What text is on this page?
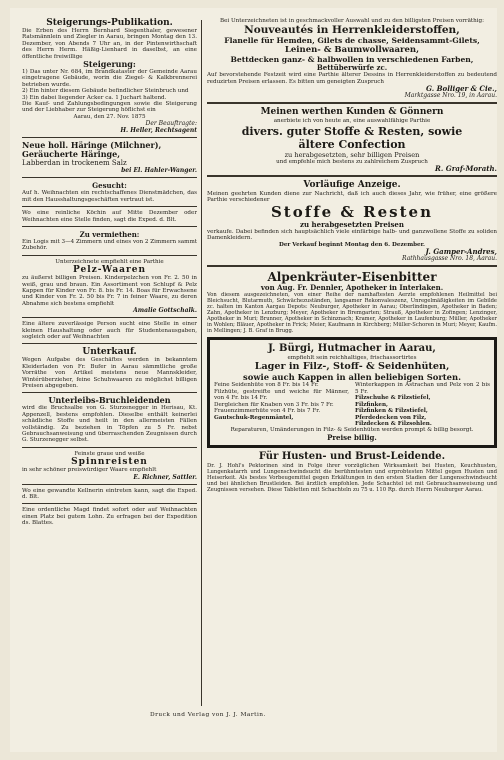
Steigerungs-Publikation.

Die Erben des Herrn Bernhard Siegenthaler, gewesener Ratsmännlein und Ziegler in Aarau, bringen Montag den 13. Dezember, von Abends 7 Uhr an, in der Pintenwirthschaft des Herrn Herm. Häßig-Lienhard in daselbst, an eine öffentliche freiwillige

Steigerung:

1) Das unter Nr. 684, im Brandkataster der Gemeinde Aarau eingetragene Gebäude, worin die Ziegel- & Kalkbrennerei betrieben wurde.

2) Ein hinter diesem Gebäude befindlicher Steinbruch und

3) Ein dabei liegender Acker ca. 1 Juchart haltend.

Die Kauf- und Zahlungsbedingungen sowie die Steigerung und der Liebhaber zur Steigerung höflichst ein

Aarau, den 27. Nov. 1875

Der Beauftragte:

H. Heller, Rechtsagent

Neue holl. Häringe (Milchner),

Geräucherte Häringe,

Labberdan in trockenem Salz

bei El. Hahler-Wanger.

Gesucht:

Auf h. Weihnachten ein rechtschaffenes Dienstmädchen, das mit den Hausshaltungsgeschäften vertraut ist.

Wo eine reinliche Köchin auf Mitte Dezember oder Weihnachten eine Stelle finden, sagt die Exped. d. Blt.

Zu vermiethen:

Ein Logis mit 3—4 Zimmern und eines von 2 Zimmern sammt Zubehör.

Unterzeichnete empfiehlt eine Parthie

Pelz-Waaren

zu äußerst billigen Preisen. Kinderpelzchen von Fr. 2. 50 in weiß, grau und braun. Ein Assortiment von Schlupf & Pelz Kappen für Kinder von Fr. 8. bis Fr. 14. Boas für Erwachsene und Kinder von Fr. 2. 50 bis Fr. 7 in feiner Waare, zu deren Abnahme sich bestens empfiehlt

Amalie Gottschalk.

Eine ältere zuverlässige Person sucht eine Stelle in einer kleinen Haushaltung oder auch für Studentenausgaben, sogleich oder auf Weihnachten

Unterkauf.

Wegen Aufgabe des Geschäftes werden in bekanntem Kleiderladen von Fr. Bufer in Aarau sämmtliche große Vorräthe von Artikel meistens neue Mannskleider, Wintérüberzieher, feine Schuhwaaren zu möglichst billigen Preisen abgegeben.

Unterleibs-Bruchleidenden

wird die Bruchsalbe von G. Sturzenegger in Herisau, Kt. Appenzell, bestens empfohlen. Dieselbe enthält keinerlei schädliche Stoffe und heilt in den allermeisten Fällen vollständig. Zu beziehen in Töpfen zu 5 Fr. nebst Gebrauchsanweisung und überraschenden Zeugnissen durch G. Sturzenegger selbst.

Feinste graue und weiße

Spinnreisten

in sehr schöner preiswürdiger Waare empfiehlt

E. Richner, Sattler.

Wo eine gewandte Kellnerin eintreten kann, sagt die Exped. d. Blt.

Eine ordentliche Magd findet sofort oder auf Weihnachten einen Platz bei gutem Lohn. Zu erfragen bei der Expedition ds. Blattes.

Bei Unterzeichneten ist in geschmackvoller Auswahl und zu den billigsten Preisen vorräthig:

Nouveautés in Herrenkleiderstoffen,

Flanelle für Hemden, Gilets de chasse, Seidensammt-Gilets,

Leinen- & Baumwollwaaren,

Bettdecken ganz- & halbwollen in verschiedenen Farben,

Bettüberwürfe zc.

Auf bevorstehende Festzeit wird eine Parthie älterer Dessins in Herrenkleiderstoffen zu bedeutend reduzirten Preisen erlassen. Es bitten um geneigten Zuspruch

G. Bolliger & Cie.,

Marktgasse Nro. 19, in Aarau.

Meinen werthen Kunden & Gönnern

anerbiete ich von heute an, eine auswahlfähige Parthie

divers. guter Stoffe & Resten, sowie

ältere Confection

zu herabgesetzten, sehr billigen Preisen

und empfehle mich bestens zu zahlreichem Zuspruch

R. Graf-Morath.

Vorläufige Anzeige.

Meinen geehrten Kunden diene zur Nachricht, daß ich auch dieses Jahr, wie früher, eine größere Parthie verschiedener

Stoffe & Resten

zu herabgesetzten Preisen

verkaufe. Dabei befinden sich hauptsächlich viele einfärbige halb- und ganzwollene Stoffe zu soliden Damenkleidern.

Der Verkauf beginnt Montag den 6. Dezember.

J. Gamper-Andres,

Rathhausgasse Nro. 18, Aarau.

Alpenkräuter-Eisenbitter

von Aug. Fr. Dennler, Apotheker in Interlaken.

Von diesem ausgezeichneten, von einer Reihe der namhaftesten Aerzte empfohlenen Heilmittel bei Bleichsucht, Blutarmuth, Schwächezuständen, langsamer Rekonvaleszenz, Unregelmäßigkeiten im Gebilde zc. halten im Kanton Aargau Depots: Neuburger, Apotheker in Aarau; Oberlindingen, Apotheker in Baden; Zahn, Apotheker in Lenzburg; Meyer, Apotheker in Bremgarten; Strauß, Apotheker in Zofingen; Lenzinger, Apotheker in Muri; Brunner, Apotheker in Schinznach; Kramer, Apotheker in Laufenburg; Müller, Apotheker in Wohlen; Bläuer, Apotheker in Frick; Meier, Kaufmann in Kirchberg; Müller-Schoren in Muri; Meyer, Kaufm. in Mellingen; J. B. Graf in Brugg.

J. Bürgi, Hutmacher in Aarau,

empfiehlt sein reichhaltiges, frischassortirtes

Lager in Filz-, Stoff- & Seidenhüten,

sowie auch Kappen in allen beliebigen Sorten.

Feine Seidenhüte von 8 Fr. bis 14 Fr.

Filzhüte, gestreifte und weiche für Männer, von 4 Fr. bis 14 Fr.

Dergleichen für Knaben von 3 Fr. bis 7 Fr.

Frauenzimmerhüte von 4 Fr. bis 7 Fr.

Gautschuk-Regenmäntel,

Winterkappen in Astrachan und Pelz von 2 bis 5 Fr.

Filzschuhe & Filzstiefel,

Filzfinken,

Filzfinken & Filzstiefel,

Pferdedecken von Filz,

Filzdecken & Filzsohlen.

Reparaturen, Umänderungen in Filz- & Seidenhüten werden prompt & billig besorgt.

Preise billig.

Für Husten- und Brust-Leidende.

Dr. J. Hohl's Pektorinen sind in Folge ihrer vorzüglichen Wirksamkeit bei Husten, Keuchhusten, Lungenkatarrh und Lungenschwindsucht die berühmtesten und erprobtesten Mittel gegen Husten und Heiserkeit. Als bestes Vorbeugemittel gegen Erkältungen in den ersten Stadien der Lungenschwindsucht und bei ähnlichen Brustleiden. Bei ärztlich empfohlen. Jede Schachtel ist mit Gebrauchsanweisung und Zeugnissen versehen. Diese Tabletten mit Schachteln zu 75 u. 110 Rp. durch Herrn Neuburger Aarau.

Druck und Verlag von J. J. Martin.
